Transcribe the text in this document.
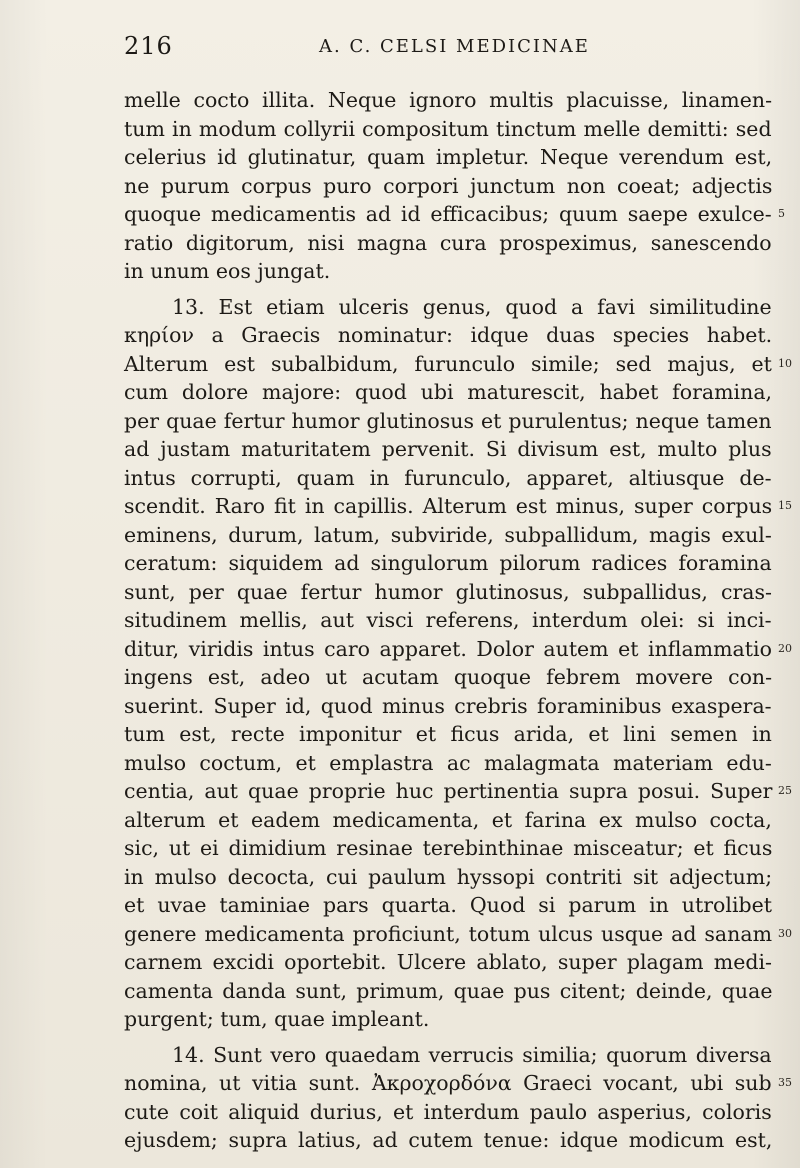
216	A. C. CELSI MEDICINAE
melle cocto illita. Neque ignoro multis placuisse, linamen-
tum in modum collyrii compositum tinctum melle demitti: sed
celerius id glutinatur, quam impletur. Neque verendum est,
ne purum corpus puro corpori junctum non coeat; adjectis
quoque medicamentis ad id efficacibus; quum saepe exulce- 5
ratio digitorum, nisi magna cura prospeximus, sanescendo
in unum eos jungat.
13. Est etiam ulceris genus, quod a favi similitudine
κηρίον a Graecis nominatur: idque duas species habet.
Alterum est subalbidum, furunculo simile; sed majus, et 10
cum dolore majore: quod ubi maturescit, habet foramina,
per quae fertur humor glutinosus et purulentus; neque tamen
ad justam maturitatem pervenit. Si divisum est, multo plus
intus corrupti, quam in furunculo, apparet, altiusque de-
scendit. Raro fit in capillis. Alterum est minus, super corpus 15
eminens, durum, latum, subviride, subpallidum, magis exul-
ceratum: siquidem ad singulorum pilorum radices foramina
sunt, per quae fertur humor glutinosus, subpallidus, cras-
situdinem mellis, aut visci referens, interdum olei: si inci-
ditur, viridis intus caro apparet. Dolor autem et inflammatio 20
ingens est, adeo ut acutam quoque febrem movere con-
suerint. Super id, quod minus crebris foraminibus exaspera-
tum est, recte imponitur et ficus arida, et lini semen in
mulso coctum, et emplastra ac malagmata materiam edu-
centia, aut quae proprie huc pertinentia supra posui. Super 25
alterum et eadem medicamenta, et farina ex mulso cocta,
sic, ut ei dimidium resinae terebinthinae misceatur; et ficus
in mulso decocta, cui paulum hyssopi contriti sit adjectum;
et uvae taminiae pars quarta. Quod si parum in utrolibet
genere medicamenta proficiunt, totum ulcus usque ad sanam 30
carnem excidi oportebit. Ulcere ablato, super plagam medi-
camenta danda sunt, primum, quae pus citent; deinde, quae
purgent; tum, quae impleant.
14. Sunt vero quaedam verrucis similia; quorum diversa
nomina, ut vitia sunt. Ἀκροχορδόνα Graeci vocant, ubi sub 35
cute coit aliquid durius, et interdum paulo asperius, coloris
ejusdem; supra latius, ad cutem tenue: idque modicum est,
